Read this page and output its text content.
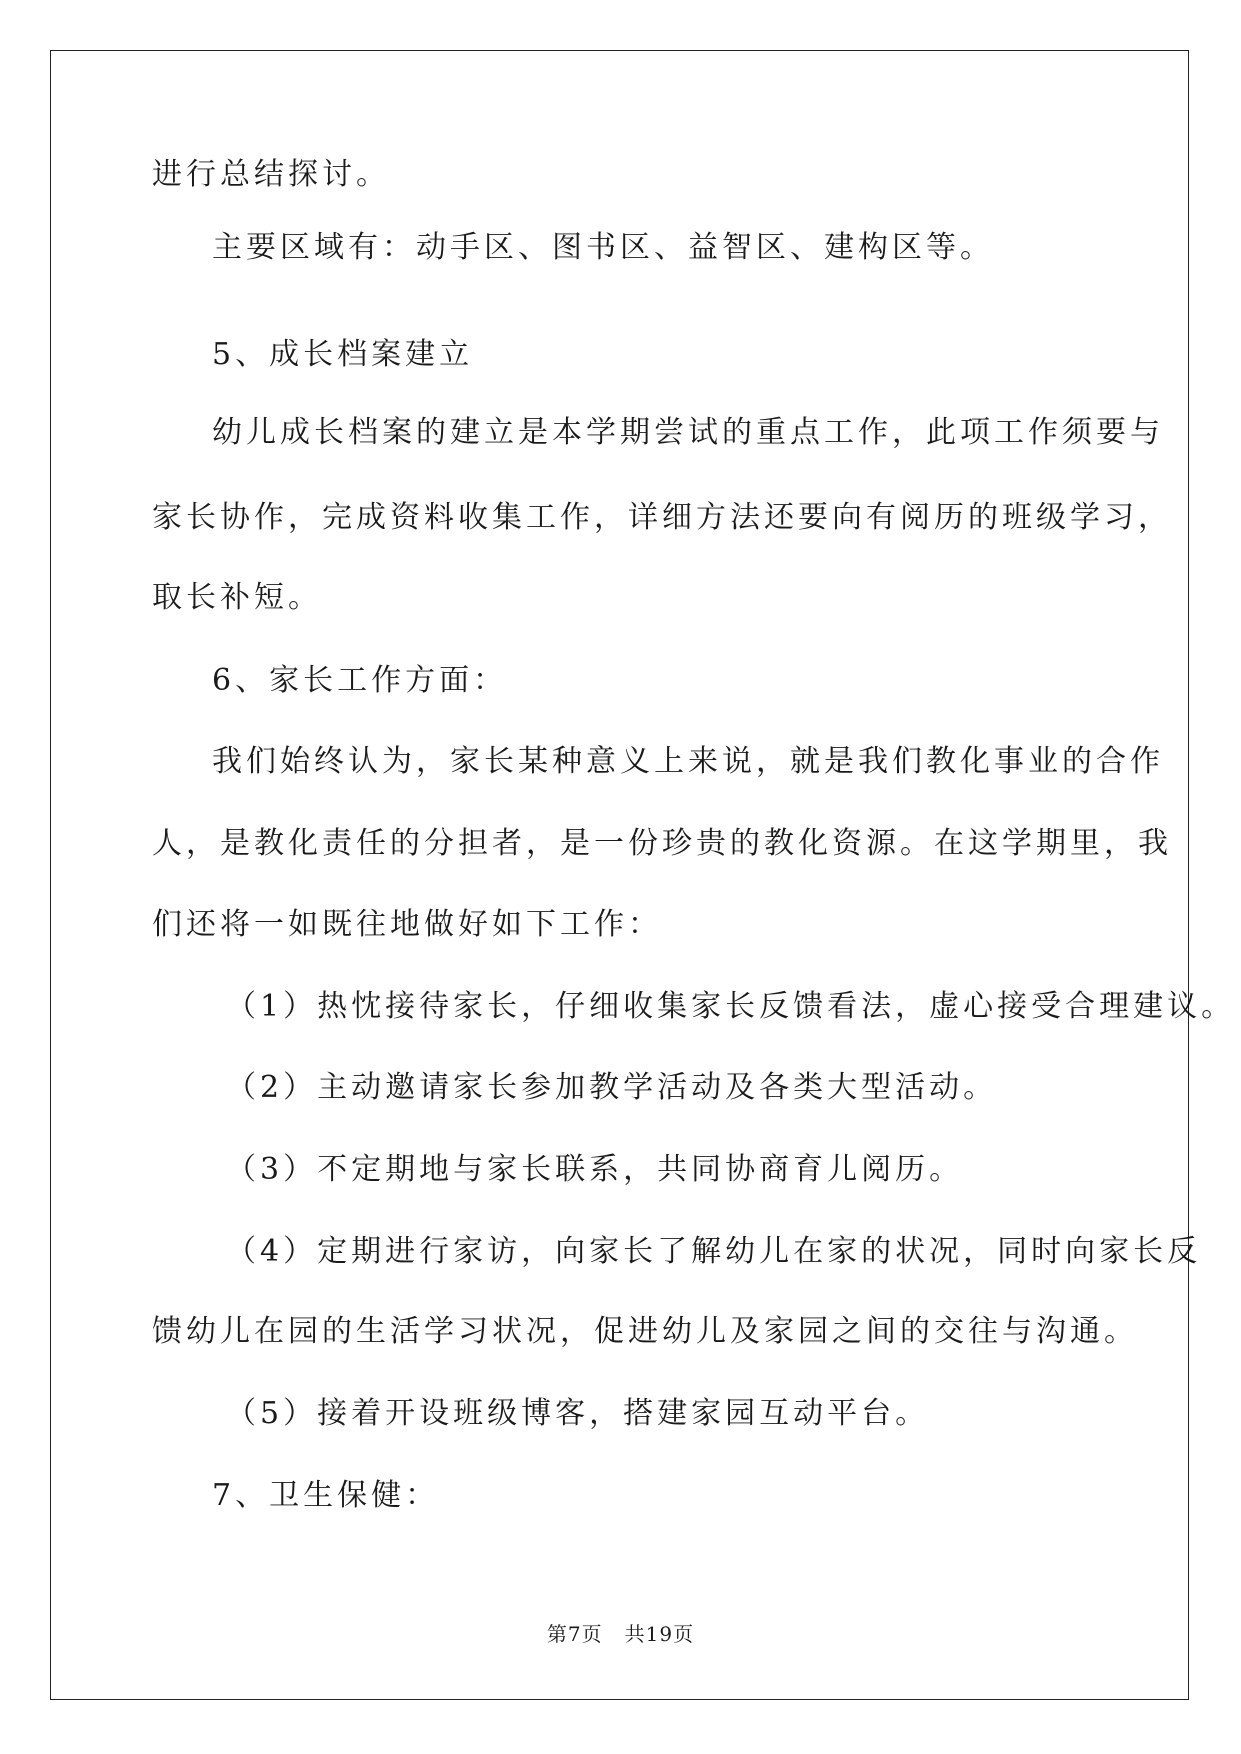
进行总结探讨。
主要区域有：动手区、图书区、益智区、建构区等。
5、成长档案建立
幼儿成长档案的建立是本学期尝试的重点工作，此项工作须要与
家长协作，完成资料收集工作，详细方法还要向有阅历的班级学习，
取长补短。
6、家长工作方面：
我们始终认为，家长某种意义上来说，就是我们教化事业的合作
人，是教化责任的分担者，是一份珍贵的教化资源。在这学期里，我
们还将一如既往地做好如下工作：
（1）热忱接待家长，仔细收集家长反馈看法，虚心接受合理建议。
（2）主动邀请家长参加教学活动及各类大型活动。
（3）不定期地与家长联系，共同协商育儿阅历。
（4）定期进行家访，向家长了解幼儿在家的状况，同时向家长反
馈幼儿在园的生活学习状况，促进幼儿及家园之间的交往与沟通。
（5）接着开设班级博客，搭建家园互动平台。
7、卫生保健：
第7页 共19页
